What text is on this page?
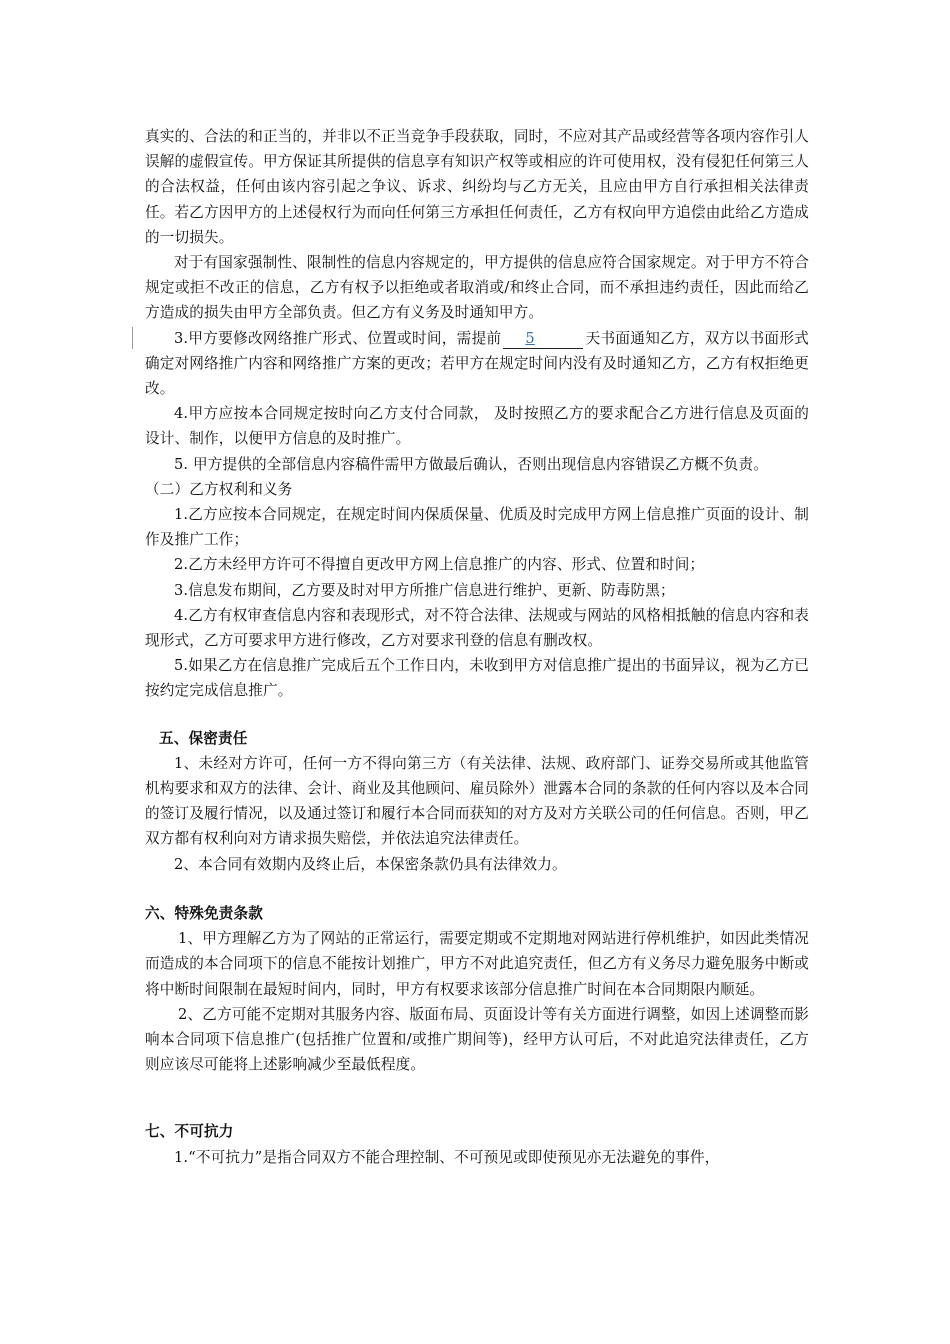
真实的、合法的和正当的，并非以不正当竞争手段获取，同时，不应对其产品或经营等各项内容作引人误解的虚假宣传。甲方保证其所提供的信息享有知识产权等或相应的许可使用权，没有侵犯任何第三人的合法权益，任何由该内容引起之争议、诉求、纠纷均与乙方无关，且应由甲方自行承担相关法律责任。若乙方因甲方的上述侵权行为而向任何第三方承担任何责任，乙方有权向甲方追偿由此给乙方造成的一切损失。

对于有国家强制性、限制性的信息内容规定的，甲方提供的信息应符合国家规定。对于甲方不符合规定或拒不改正的信息，乙方有权予以拒绝或者取消或/和终止合同，而不承担违约责任，因此而给乙方造成的损失由甲方全部负责。但乙方有义务及时通知甲方。

3.甲方要修改网络推广形式、位置或时间，需提前 5	天书面通知乙方，双方以书面形式确定对网络推广内容和网络推广方案的更改；若甲方在规定时间内没有及时通知乙方，乙方有权拒绝更改。

4.甲方应按本合同规定按时向乙方支付合同款， 及时按照乙方的要求配合乙方进行信息及页面的设计、制作，以便甲方信息的及时推广。

5. 甲方提供的全部信息内容稿件需甲方做最后确认，否则出现信息内容错误乙方概不负责。

（二）乙方权利和义务

1.乙方应按本合同规定，在规定时间内保质保量、优质及时完成甲方网上信息推广页面的设计、制作及推广工作；

2.乙方未经甲方许可不得擅自更改甲方网上信息推广的内容、形式、位置和时间；

3.信息发布期间，乙方要及时对甲方所推广信息进行维护、更新、防毒防黑；

4.乙方有权审查信息内容和表现形式，对不符合法律、法规或与网站的风格相抵触的信息内容和表现形式，乙方可要求甲方进行修改，乙方对要求刊登的信息有删改权。

5.如果乙方在信息推广完成后五个工作日内，未收到甲方对信息推广提出的书面异议，视为乙方已按约定完成信息推广。

五、保密责任

1、未经对方许可，任何一方不得向第三方（有关法律、法规、政府部门、证券交易所或其他监管机构要求和双方的法律、会计、商业及其他顾问、雇员除外）泄露本合同的条款的任何内容以及本合同的签订及履行情况，以及通过签订和履行本合同而获知的对方及对方关联公司的任何信息。否则，甲乙双方都有权利向对方请求损失赔偿，并依法追究法律责任。

2、本合同有效期内及终止后，本保密条款仍具有法律效力。

六、特殊免责条款

1、甲方理解乙方为了网站的正常运行，需要定期或不定期地对网站进行停机维护，如因此类情况而造成的本合同项下的信息不能按计划推广，甲方不对此追究责任，但乙方有义务尽力避免服务中断或将中断时间限制在最短时间内，同时，甲方有权要求该部分信息推广时间在本合同期限内顺延。

2、乙方可能不定期对其服务内容、版面布局、页面设计等有关方面进行调整，如因上述调整而影响本合同项下信息推广(包括推广位置和/或推广期间等)，经甲方认可后，不对此追究法律责任，乙方则应该尽可能将上述影响减少至最低程度。

七、不可抗力

1.“不可抗力”是指合同双方不能合理控制、不可预见或即使预见亦无法避免的事件，
